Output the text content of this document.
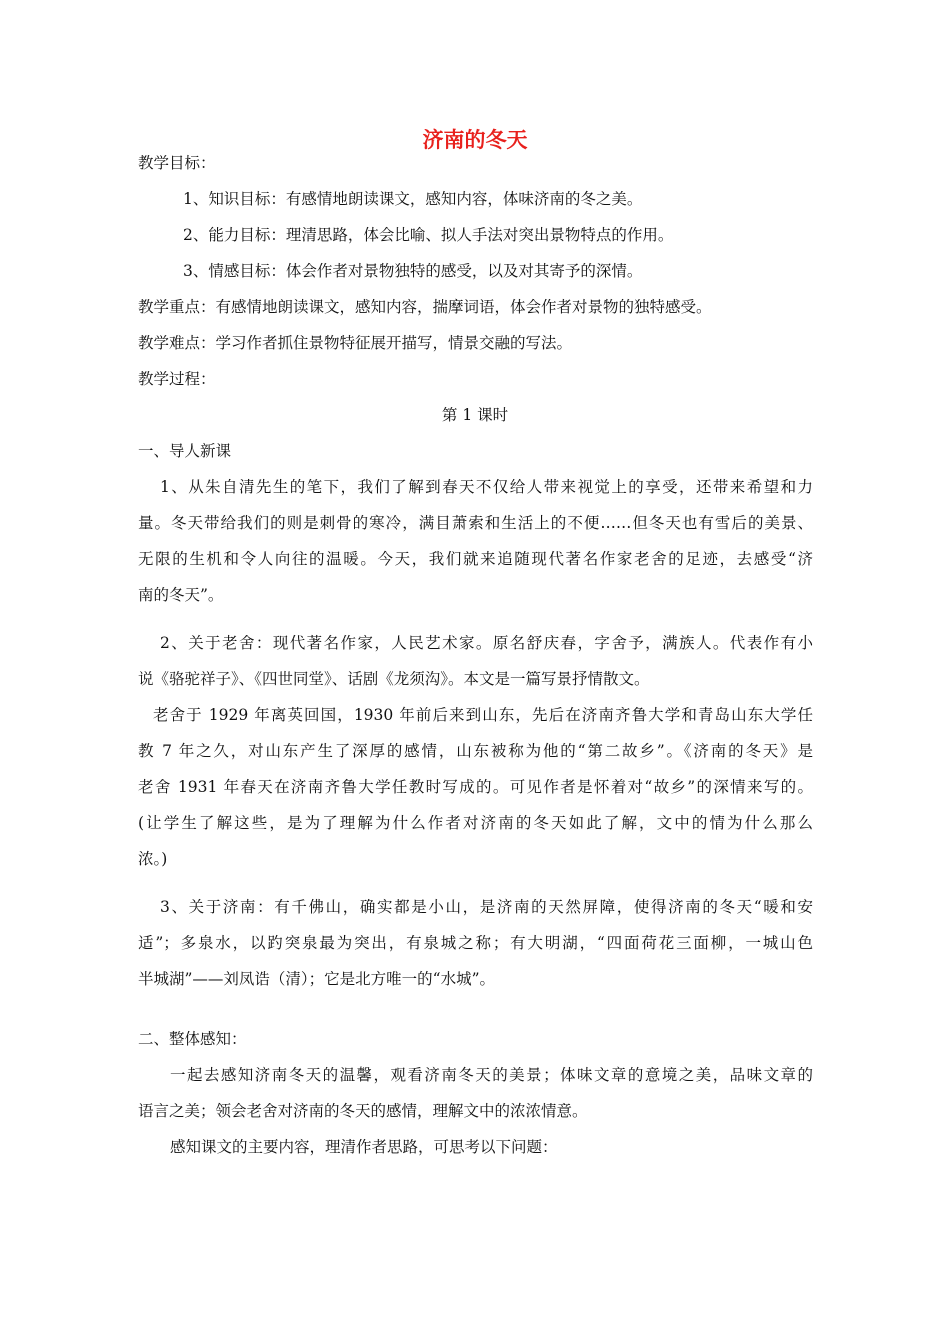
济南的冬天
教学目标：
1、知识目标：有感情地朗读课文，感知内容，体味济南的冬之美。
2、能力目标：理清思路，体会比喻、拟人手法对突出景物特点的作用。
3、情感目标：体会作者对景物独特的感受，以及对其寄予的深情。
教学重点：有感情地朗读课文，感知内容，揣摩词语，体会作者对景物的独特感受。
教学难点：学习作者抓住景物特征展开描写，情景交融的写法。
教学过程：
第 1 课时
一、导人新课
1、从朱自清先生的笔下，我们了解到春天不仅给人带来视觉上的享受，还带来希望和力
量。冬天带给我们的则是刺骨的寒冷，满目萧索和生活上的不便……但冬天也有雪后的美景、
无限的生机和令人向往的温暖。今天，我们就来追随现代著名作家老舍的足迹，去感受“济
南的冬天”。
2、关于老舍：现代著名作家，人民艺术家。原名舒庆春，字舍予，满族人。代表作有小
说《骆驼祥子》、《四世同堂》、话剧《龙须沟》。本文是一篇写景抒情散文。
老舍于 1929 年离英回国，1930 年前后来到山东，先后在济南齐鲁大学和青岛山东大学任
教 7 年之久，对山东产生了深厚的感情，山东被称为他的“第二故乡”。《济南的冬天》是
老舍 1931 年春天在济南齐鲁大学任教时写成的。可见作者是怀着对“故乡”的深情来写的。
(让学生了解这些，是为了理解为什么作者对济南的冬天如此了解，文中的情为什么那么
浓。)
3、关于济南：有千佛山，确实都是小山，是济南的天然屏障，使得济南的冬天“暖和安
适”；多泉水，以趵突泉最为突出，有泉城之称；有大明湖，“四面荷花三面柳，一城山色
半城湖”——刘凤诰（清）；它是北方唯一的“水城”。
二、整体感知：
一起去感知济南冬天的温馨，观看济南冬天的美景；体味文章的意境之美，品味文章的
语言之美；领会老舍对济南的冬天的感情，理解文中的浓浓情意。
感知课文的主要内容，理清作者思路，可思考以下问题：
